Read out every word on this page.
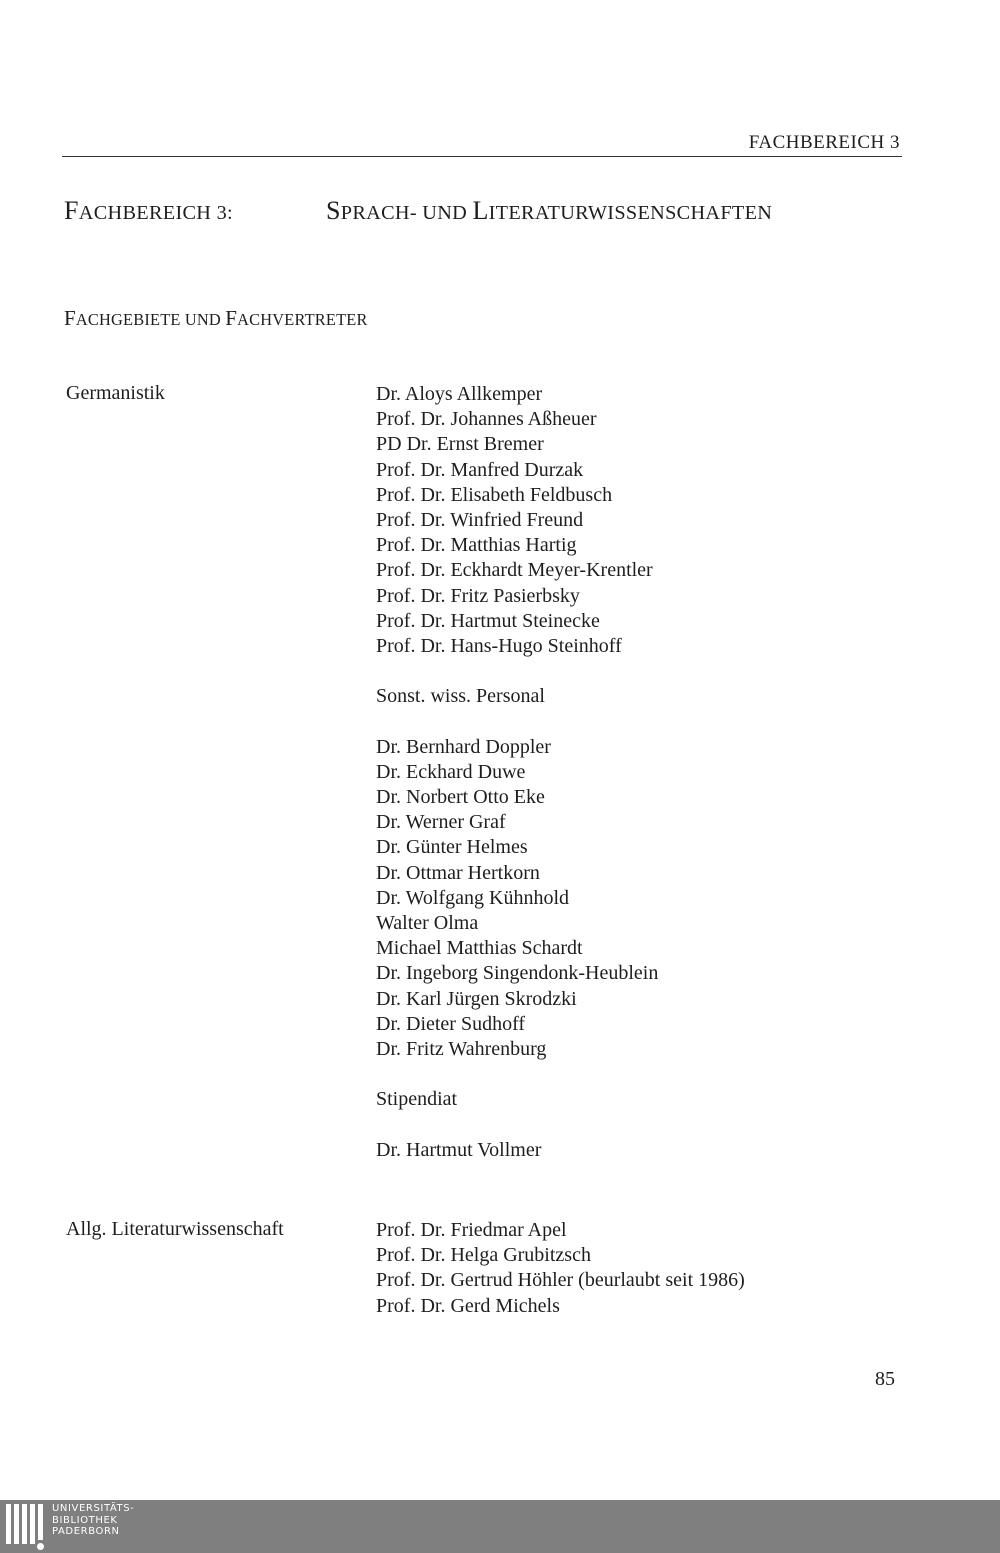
FACHBEREICH 3
FACHBEREICH 3:	SPRACH- UND LITERATURWISSENSCHAFTEN
FACHGEBIETE UND FACHVERTRETER
Germanistik	Dr. Aloys Allkemper
Prof. Dr. Johannes Aßheuer
PD Dr. Ernst Bremer
Prof. Dr. Manfred Durzak
Prof. Dr. Elisabeth Feldbusch
Prof. Dr. Winfried Freund
Prof. Dr. Matthias Hartig
Prof. Dr. Eckhardt Meyer-Krentler
Prof. Dr. Fritz Pasierbsky
Prof. Dr. Hartmut Steinecke
Prof. Dr. Hans-Hugo Steinhoff
Sonst. wiss. Personal
Dr. Bernhard Doppler
Dr. Eckhard Duwe
Dr. Norbert Otto Eke
Dr. Werner Graf
Dr. Günter Helmes
Dr. Ottmar Hertkorn
Dr. Wolfgang Kühnhold
Walter Olma
Michael Matthias Schardt
Dr. Ingeborg Singendonk-Heublein
Dr. Karl Jürgen Skrodzki
Dr. Dieter Sudhoff
Dr. Fritz Wahrenburg
Stipendiat
Dr. Hartmut Vollmer
Allg. Literaturwissenschaft	Prof. Dr. Friedmar Apel
Prof. Dr. Helga Grubitzsch
Prof. Dr. Gertrud Höhler (beurlaubt seit 1986)
Prof. Dr. Gerd Michels
85
UNIVERSITÄTS-
BIBLIOTHEK
PADERBORN
